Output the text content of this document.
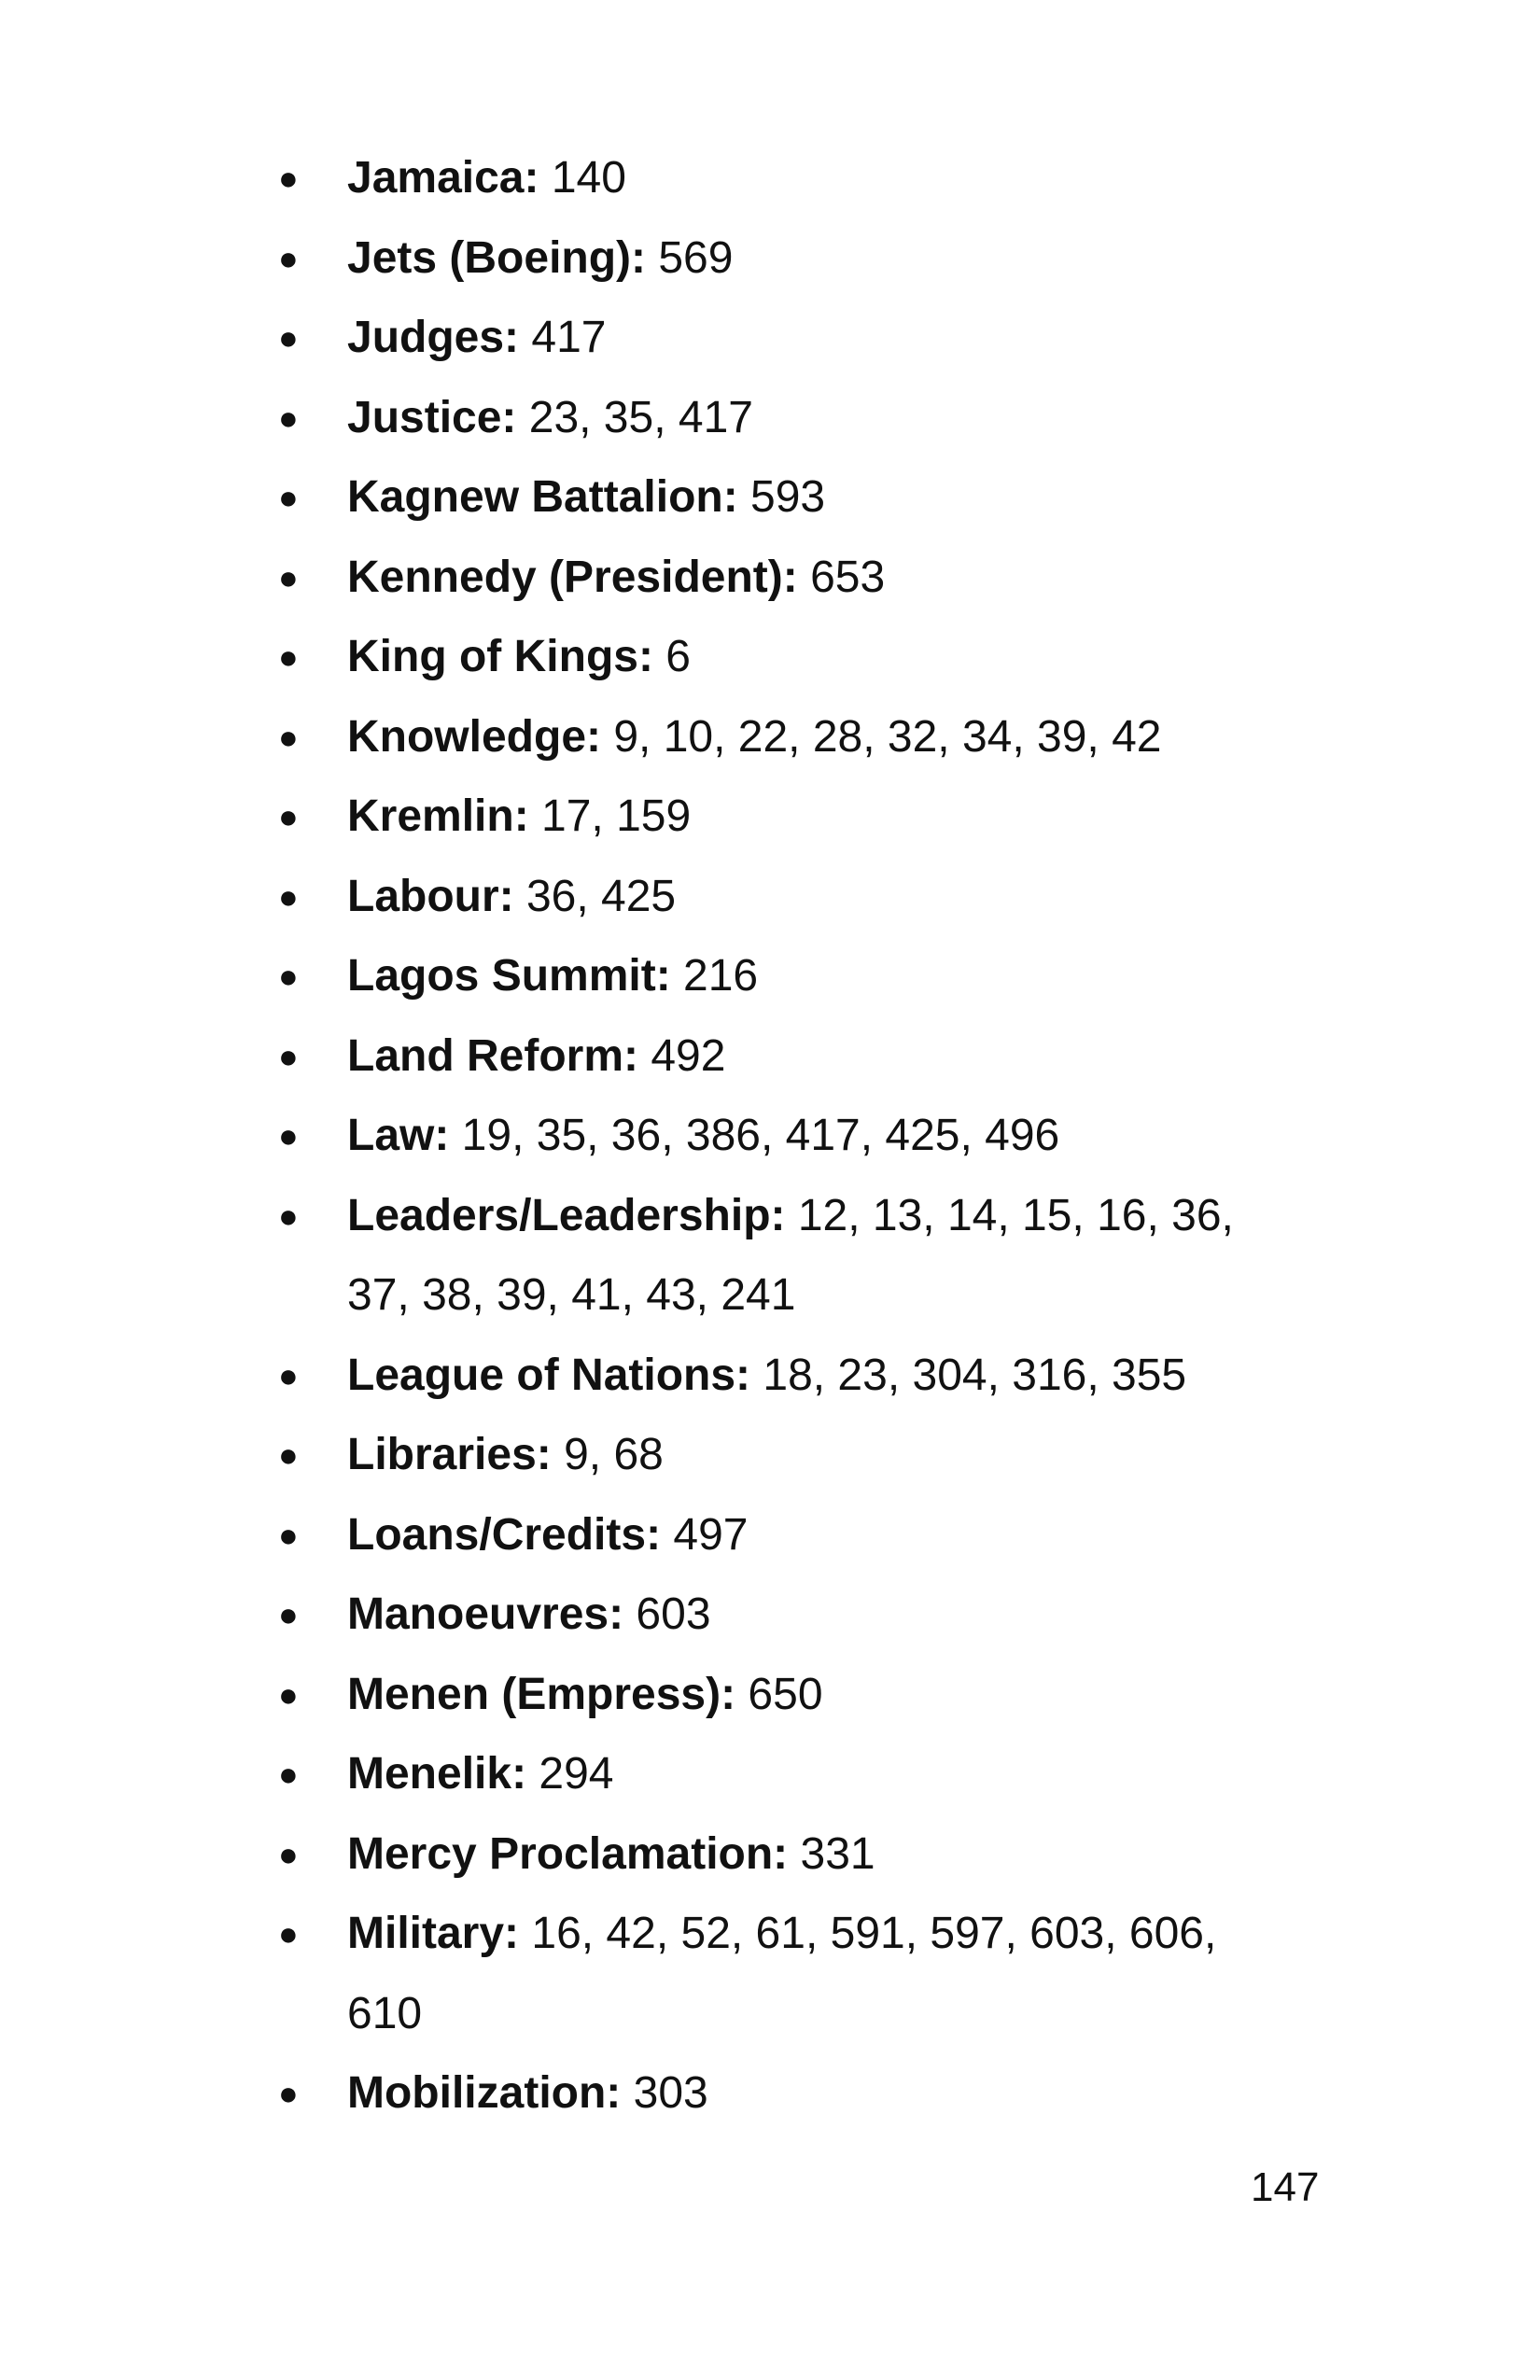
● Jamaica: 140
● Jets (Boeing): 569
● Judges: 417
● Justice: 23, 35, 417
● Kagnew Battalion: 593
● Kennedy (President): 653
● King of Kings: 6
● Knowledge: 9, 10, 22, 28, 32, 34, 39, 42
● Kremlin: 17, 159
● Labour: 36, 425
● Lagos Summit: 216
● Land Reform: 492
● Law: 19, 35, 36, 386, 417, 425, 496
● Leaders/Leadership: 12, 13, 14, 15, 16, 36, 37, 38, 39, 41, 43, 241
● League of Nations: 18, 23, 304, 316, 355
● Libraries: 9, 68
● Loans/Credits: 497
● Manoeuvres: 603
● Menen (Empress): 650
● Menelik: 294
● Mercy Proclamation: 331
● Military: 16, 42, 52, 61, 591, 597, 603, 606, 610
● Mobilization: 303
147
